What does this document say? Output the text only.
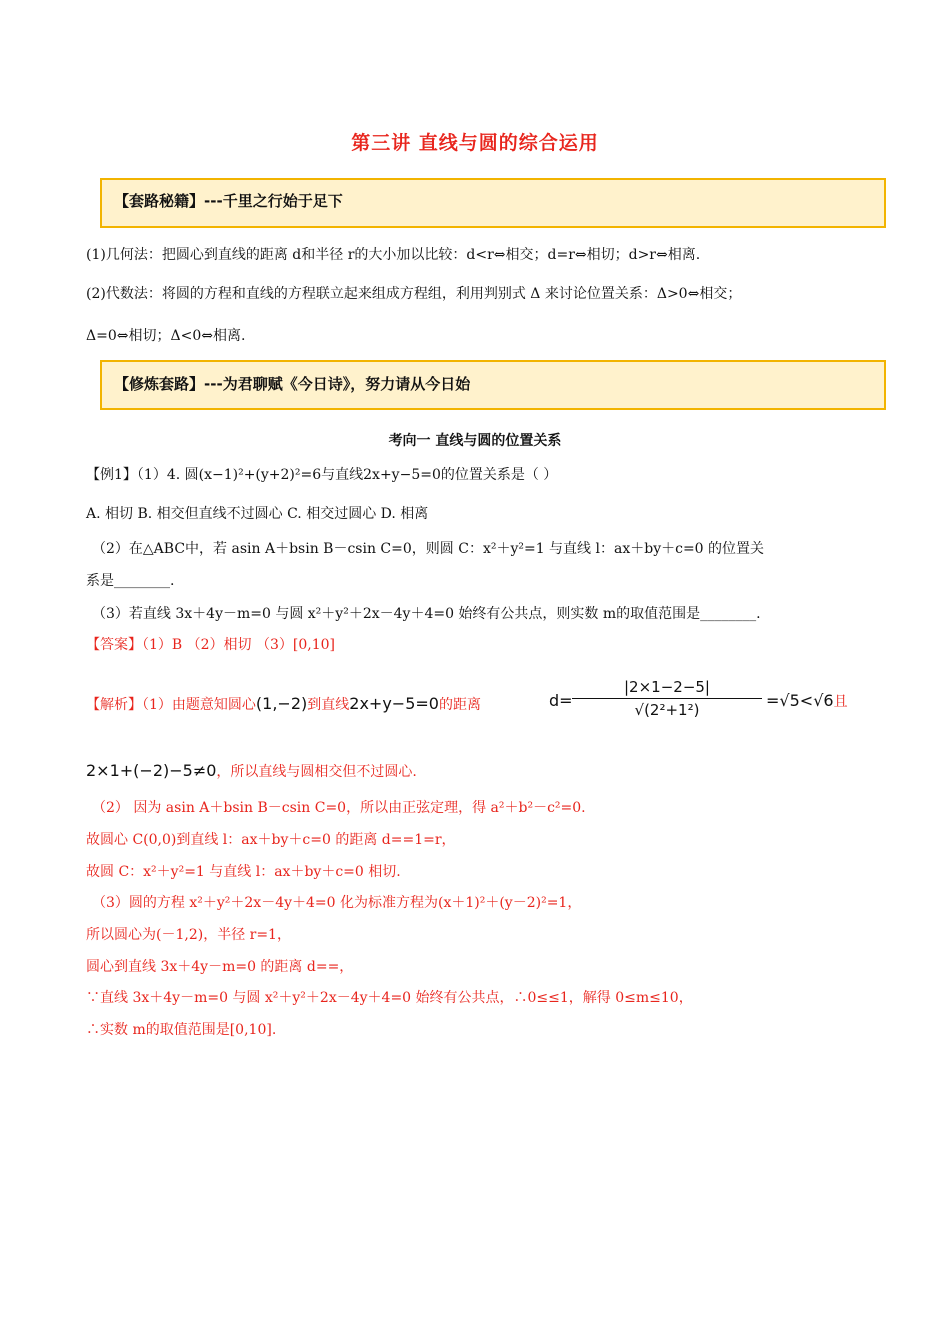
第三讲 直线与圆的综合运用
【套路秘籍】---千里之行始于足下
(1)几何法：把圆心到直线的距离 d和半径 r的大小加以比较：d<r⇔相交；d=r⇔相切；d>r⇔相离.
(2)代数法：将圆的方程和直线的方程联立起来组成方程组，利用判别式 Δ 来讨论位置关系：Δ>0⇔相交；
Δ=0⇔相切；Δ<0⇔相离.
【修炼套路】---为君聊赋《今日诗》，努力请从今日始
考向一 直线与圆的位置关系
【例1】（1）4. 圆(x−1)²+(y+2)²=6与直线2x+y−5=0的位置关系是（ ）
A. 相切 B. 相交但直线不过圆心 C. 相交过圆心 D. 相离
（2）在△ABC中，若 asin A＋bsin B－csin C=0，则圆 C：x²＋y²=1 与直线 l：ax＋by＋c=0 的位置关
系是________.
（3）若直线 3x＋4y－m=0 与圆 x²＋y²＋2x－4y＋4=0 始终有公共点，则实数 m的取值范围是________.
【答案】（1）B （2）相切 （3）[0,10]
【解析】（1）由题意知圆心(1,−2)到直线2x+y−5=0的距离	$d= \frac{|2\times 1-2-5|}{\text{√(2²+1²)}} =√5<√6$且
2×1+(−2)−5≠0，所以直线与圆相交但不过圆心.
（2） 因为 asin A＋bsin B－csin C=0，所以由正弦定理，得 a²＋b²－c²=0.
故圆心 C(0,0)到直线 l：ax＋by＋c=0 的距离 d==1=r，
故圆 C：x²＋y²=1 与直线 l：ax＋by＋c=0 相切.
（3）圆的方程 x²＋y²＋2x－4y＋4=0 化为标准方程为(x＋1)²＋(y－2)²=1，
所以圆心为(－1,2)，半径 r=1，
圆心到直线 3x＋4y－m=0 的距离 d==，
∵直线 3x＋4y－m=0 与圆 x²＋y²＋2x－4y＋4=0 始终有公共点，∴0≤≤1，解得 0≤m≤10，
∴实数 m的取值范围是[0,10].
